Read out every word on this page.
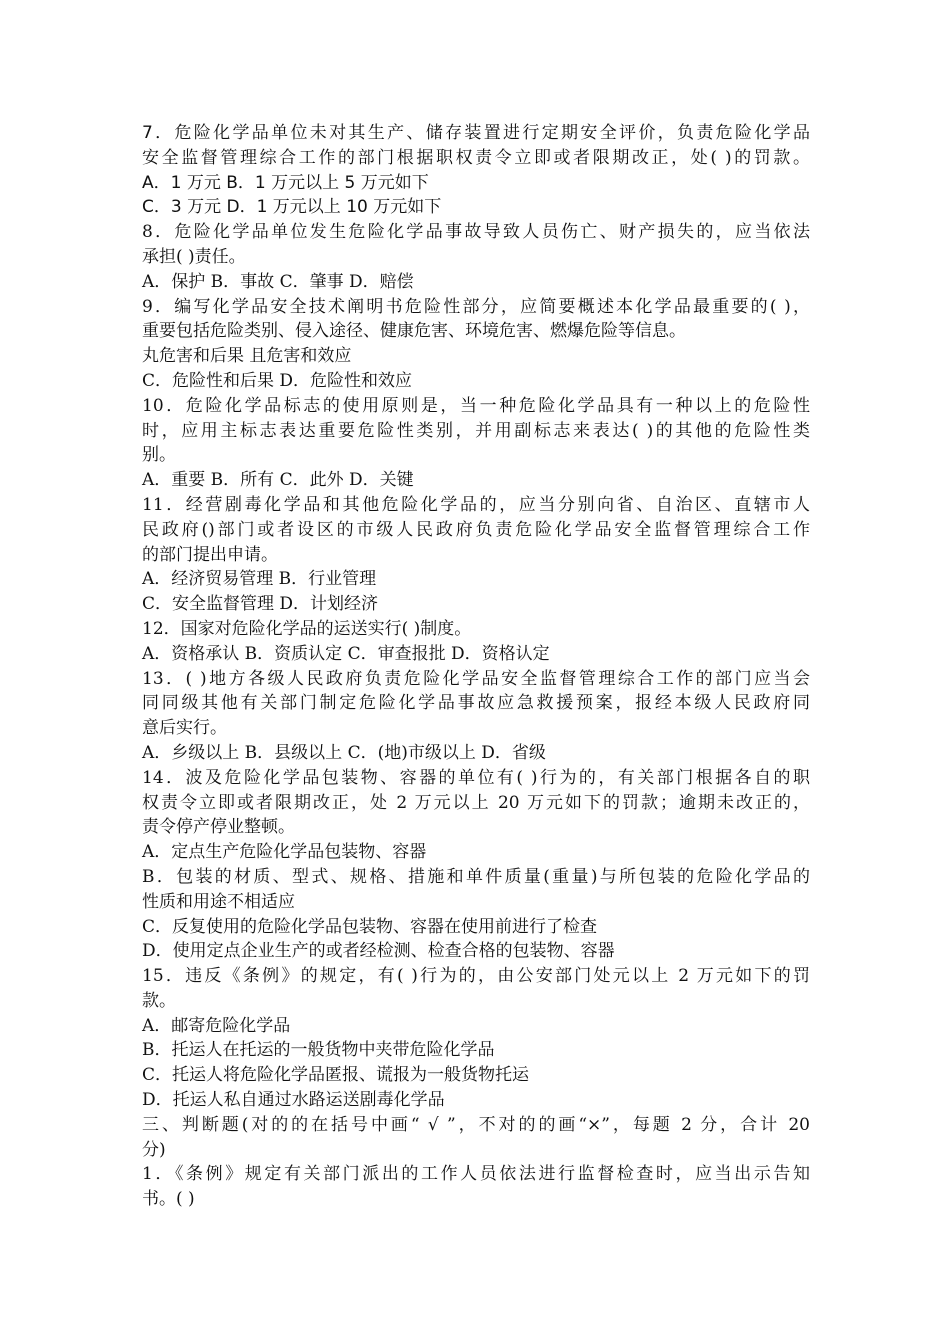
7．危险化学品单位未对其生产、储存装置进行定期安全评价，负责危险化学品
安全监督管理综合工作的部门根据职权责令立即或者限期改正，处( )的罚款。
A．1 万元 B．1 万元以上 5 万元如下
C．3 万元 D．1 万元以上 10 万元如下
8．危险化学品单位发生危险化学品事故导致人员伤亡、财产损失的，应当依法
承担( )责任。
A．保护 B．事故 C．肇事 D．赔偿
9．编写化学品安全技术阐明书危险性部分，应简要概述本化学品最重要的( )，
重要包括危险类别、侵入途径、健康危害、环境危害、燃爆危险等信息。
丸危害和后果 且危害和效应
C．危险性和后果 D．危险性和效应
10．危险化学品标志的使用原则是，当一种危险化学品具有一种以上的危险性
时，应用主标志表达重要危险性类别，并用副标志来表达( )的其他的危险性类
别。
A．重要 B．所有 C．此外 D．关键
11．经营剧毒化学品和其他危险化学品的，应当分别向省、自治区、直辖市人
民政府()部门或者设区的市级人民政府负责危险化学品安全监督管理综合工作
的部门提出申请。
A．经济贸易管理 B．行业管理
C．安全监督管理 D．计划经济
12．国家对危险化学品的运送实行( )制度。
A．资格承认 B．资质认定 C．审查报批 D．资格认定
13．( )地方各级人民政府负责危险化学品安全监督管理综合工作的部门应当会
同同级其他有关部门制定危险化学品事故应急救援预案，报经本级人民政府同
意后实行。
A．乡级以上 B．县级以上 C．(地)市级以上 D．省级
14．波及危险化学品包装物、容器的单位有( )行为的，有关部门根据各自的职
权责令立即或者限期改正，处 2 万元以上 20 万元如下的罚款；逾期未改正的，
责令停产停业整顿。
A．定点生产危险化学品包装物、容器
B．包装的材质、型式、规格、措施和单件质量(重量)与所包装的危险化学品的
性质和用途不相适应
C．反复使用的危险化学品包装物、容器在使用前进行了检查
D．使用定点企业生产的或者经检测、检查合格的包装物、容器
15．违反《条例》的规定，有( )行为的，由公安部门处元以上 2 万元如下的罚
款。
A．邮寄危险化学品
B．托运人在托运的一般货物中夹带危险化学品
C．托运人将危险化学品匿报、谎报为一般货物托运
D．托运人私自通过水路运送剧毒化学品
三、判断题(对的的在括号中画“ √ ”，不对的的画“×”，每题 2 分，合计 20
分)
1．《条例》规定有关部门派出的工作人员依法进行监督检查时，应当出示告知
书。( )
